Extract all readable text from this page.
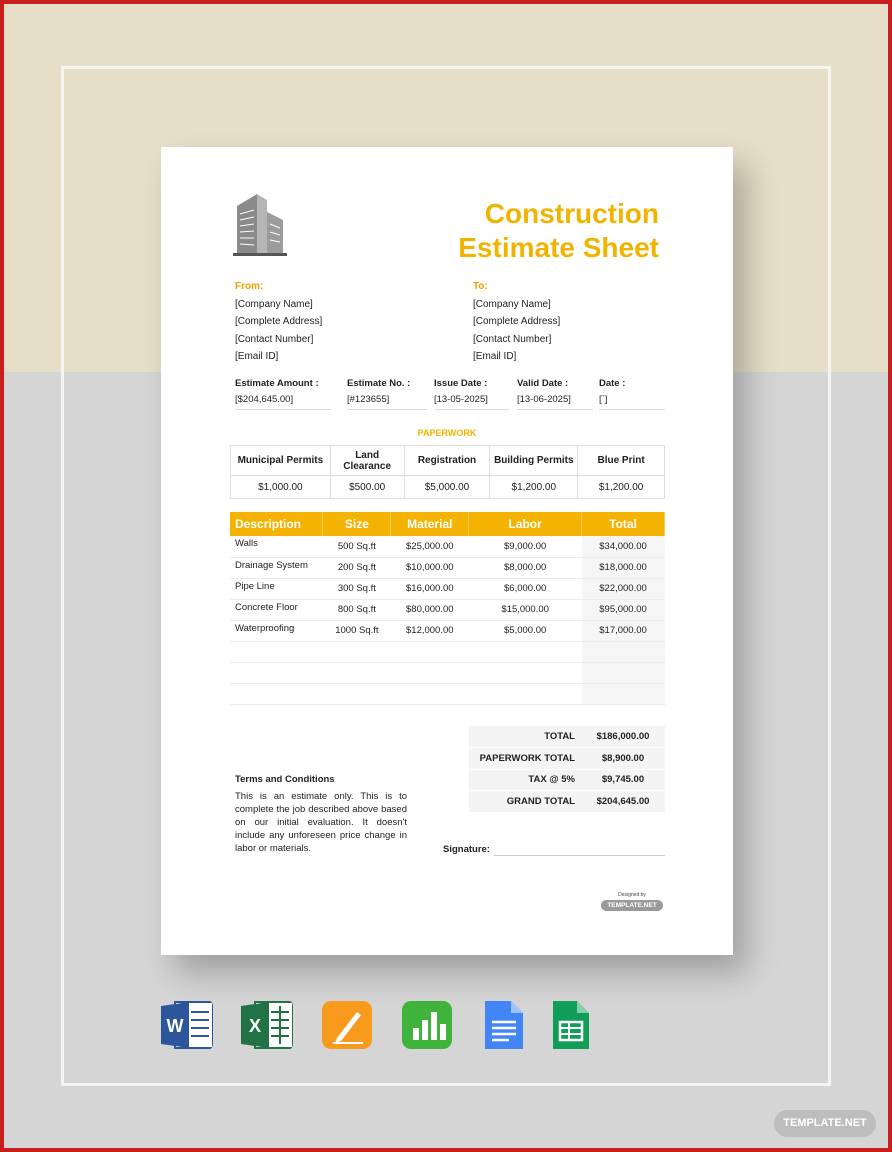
Construction
Estimate Sheet
From:
[Company Name]
[Complete Address]
[Contact Number]
[Email ID]
To:
[Company Name]
[Complete Address]
[Contact Number]
[Email ID]
Estimate Amount :
[$204,645.00]
Estimate No. :
[#123655]
Issue Date :
[13-05-2025]
Valid Date :
[13-06-2025]
Date :
[`]
PAPERWORK
Municipal Permits	Land Clearance	Registration	Building Permits	Blue Print
$1,000.00	$500.00	$5,000.00	$1,200.00	$1,200.00
Description	Size	Material	Labor	Total
Walls	500 Sq.ft	$25,000.00	$9,000.00	$34,000.00
Drainage System	200 Sq.ft	$10,000.00	$8,000.00	$18,000.00
Pipe Line	300 Sq.ft	$16,000.00	$6,000.00	$22,000.00
Concrete Floor	800 Sq.ft	$80,000.00	$15,000.00	$95,000.00
Waterproofing	1000 Sq.ft	$12,000.00	$5,000.00	$17,000.00

TOTAL	$186,000.00
PAPERWORK TOTAL	$8,900.00
TAX @ 5%	$9,745.00
GRAND TOTAL	$204,645.00
Terms and Conditions
This is an estimate only. This is to complete the job described above based on our initial evaluation. It doesn't include any unforeseen price change in labor or materials.	Signature:
Designed by
TEMPLATE.NET
W	X
TEMPLATE.NET
